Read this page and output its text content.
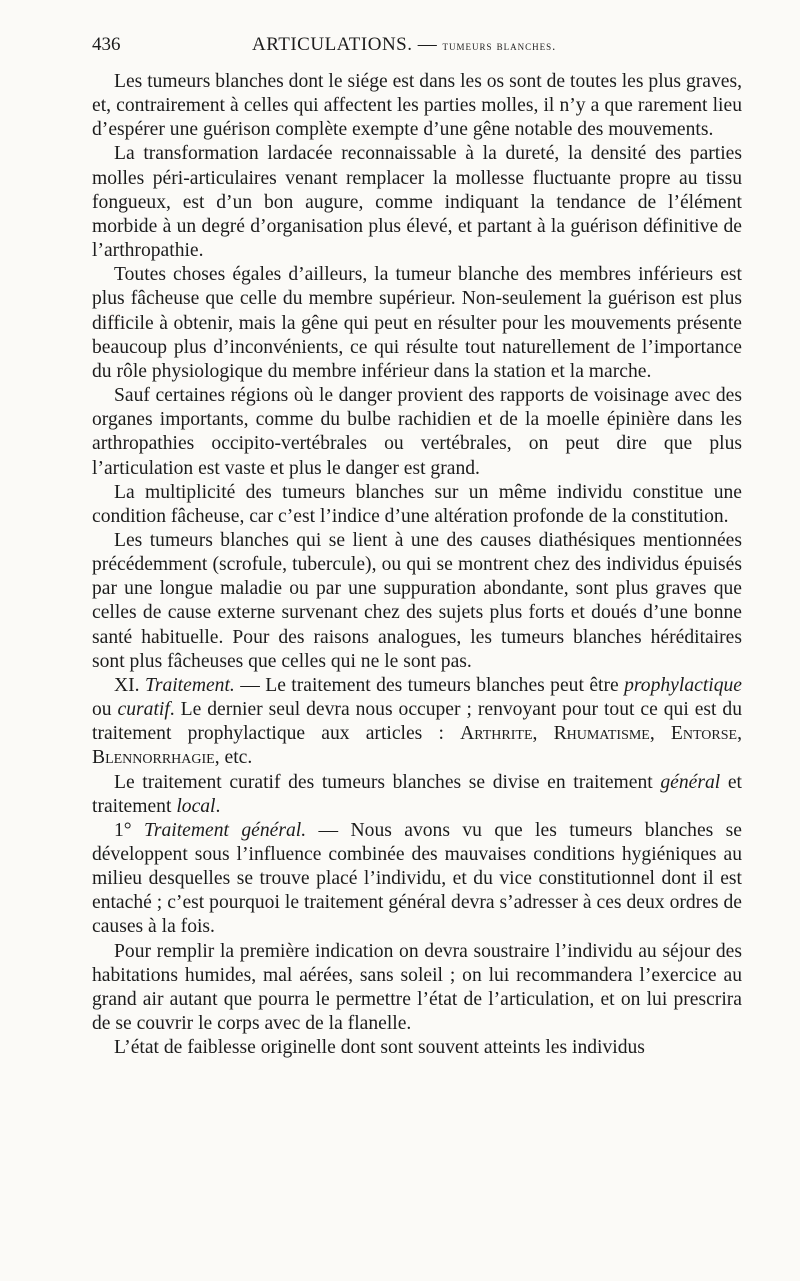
436	ARTICULATIONS. — tumeurs blanches.

Les tumeurs blanches dont le siége est dans les os sont de toutes les plus graves, et, contrairement à celles qui affectent les parties molles, il n’y a que rarement lieu d’espérer une guérison complète exempte d’une gêne notable des mouvements.

La transformation lardacée reconnaissable à la dureté, la densité des parties molles péri-articulaires venant remplacer la mollesse fluctuante propre au tissu fongueux, est d’un bon augure, comme indiquant la tendance de l’élément morbide à un degré d’organisation plus élevé, et partant à la guérison définitive de l’arthropathie.

Toutes choses égales d’ailleurs, la tumeur blanche des membres inférieurs est plus fâcheuse que celle du membre supérieur. Non-seulement la guérison est plus difficile à obtenir, mais la gêne qui peut en résulter pour les mouvements présente beaucoup plus d’inconvénients, ce qui résulte tout naturellement de l’importance du rôle physiologique du membre inférieur dans la station et la marche.

Sauf certaines régions où le danger provient des rapports de voisinage avec des organes importants, comme du bulbe rachidien et de la moelle épinière dans les arthropathies occipito-vertébrales ou vertébrales, on peut dire que plus l’articulation est vaste et plus le danger est grand.

La multiplicité des tumeurs blanches sur un même individu constitue une condition fâcheuse, car c’est l’indice d’une altération profonde de la constitution.

Les tumeurs blanches qui se lient à une des causes diathésiques mentionnées précédemment (scrofule, tubercule), ou qui se montrent chez des individus épuisés par une longue maladie ou par une suppuration abondante, sont plus graves que celles de cause externe survenant chez des sujets plus forts et doués d’une bonne santé habituelle. Pour des raisons analogues, les tumeurs blanches héréditaires sont plus fâcheuses que celles qui ne le sont pas.

XI. Traitement. — Le traitement des tumeurs blanches peut être prophylactique ou curatif. Le dernier seul devra nous occuper ; renvoyant pour tout ce qui est du traitement prophylactique aux articles : Arthrite, Rhumatisme, Entorse, Blennorrhagie, etc.

Le traitement curatif des tumeurs blanches se divise en traitement général et traitement local.

1° Traitement général. — Nous avons vu que les tumeurs blanches se développent sous l’influence combinée des mauvaises conditions hygiéniques au milieu desquelles se trouve placé l’individu, et du vice constitutionnel dont il est entaché ; c’est pourquoi le traitement général devra s’adresser à ces deux ordres de causes à la fois.

Pour remplir la première indication on devra soustraire l’individu au séjour des habitations humides, mal aérées, sans soleil ; on lui recommandera l’exercice au grand air autant que pourra le permettre l’état de l’articulation, et on lui prescrira de se couvrir le corps avec de la flanelle.

L’état de faiblesse originelle dont sont souvent atteints les individus
